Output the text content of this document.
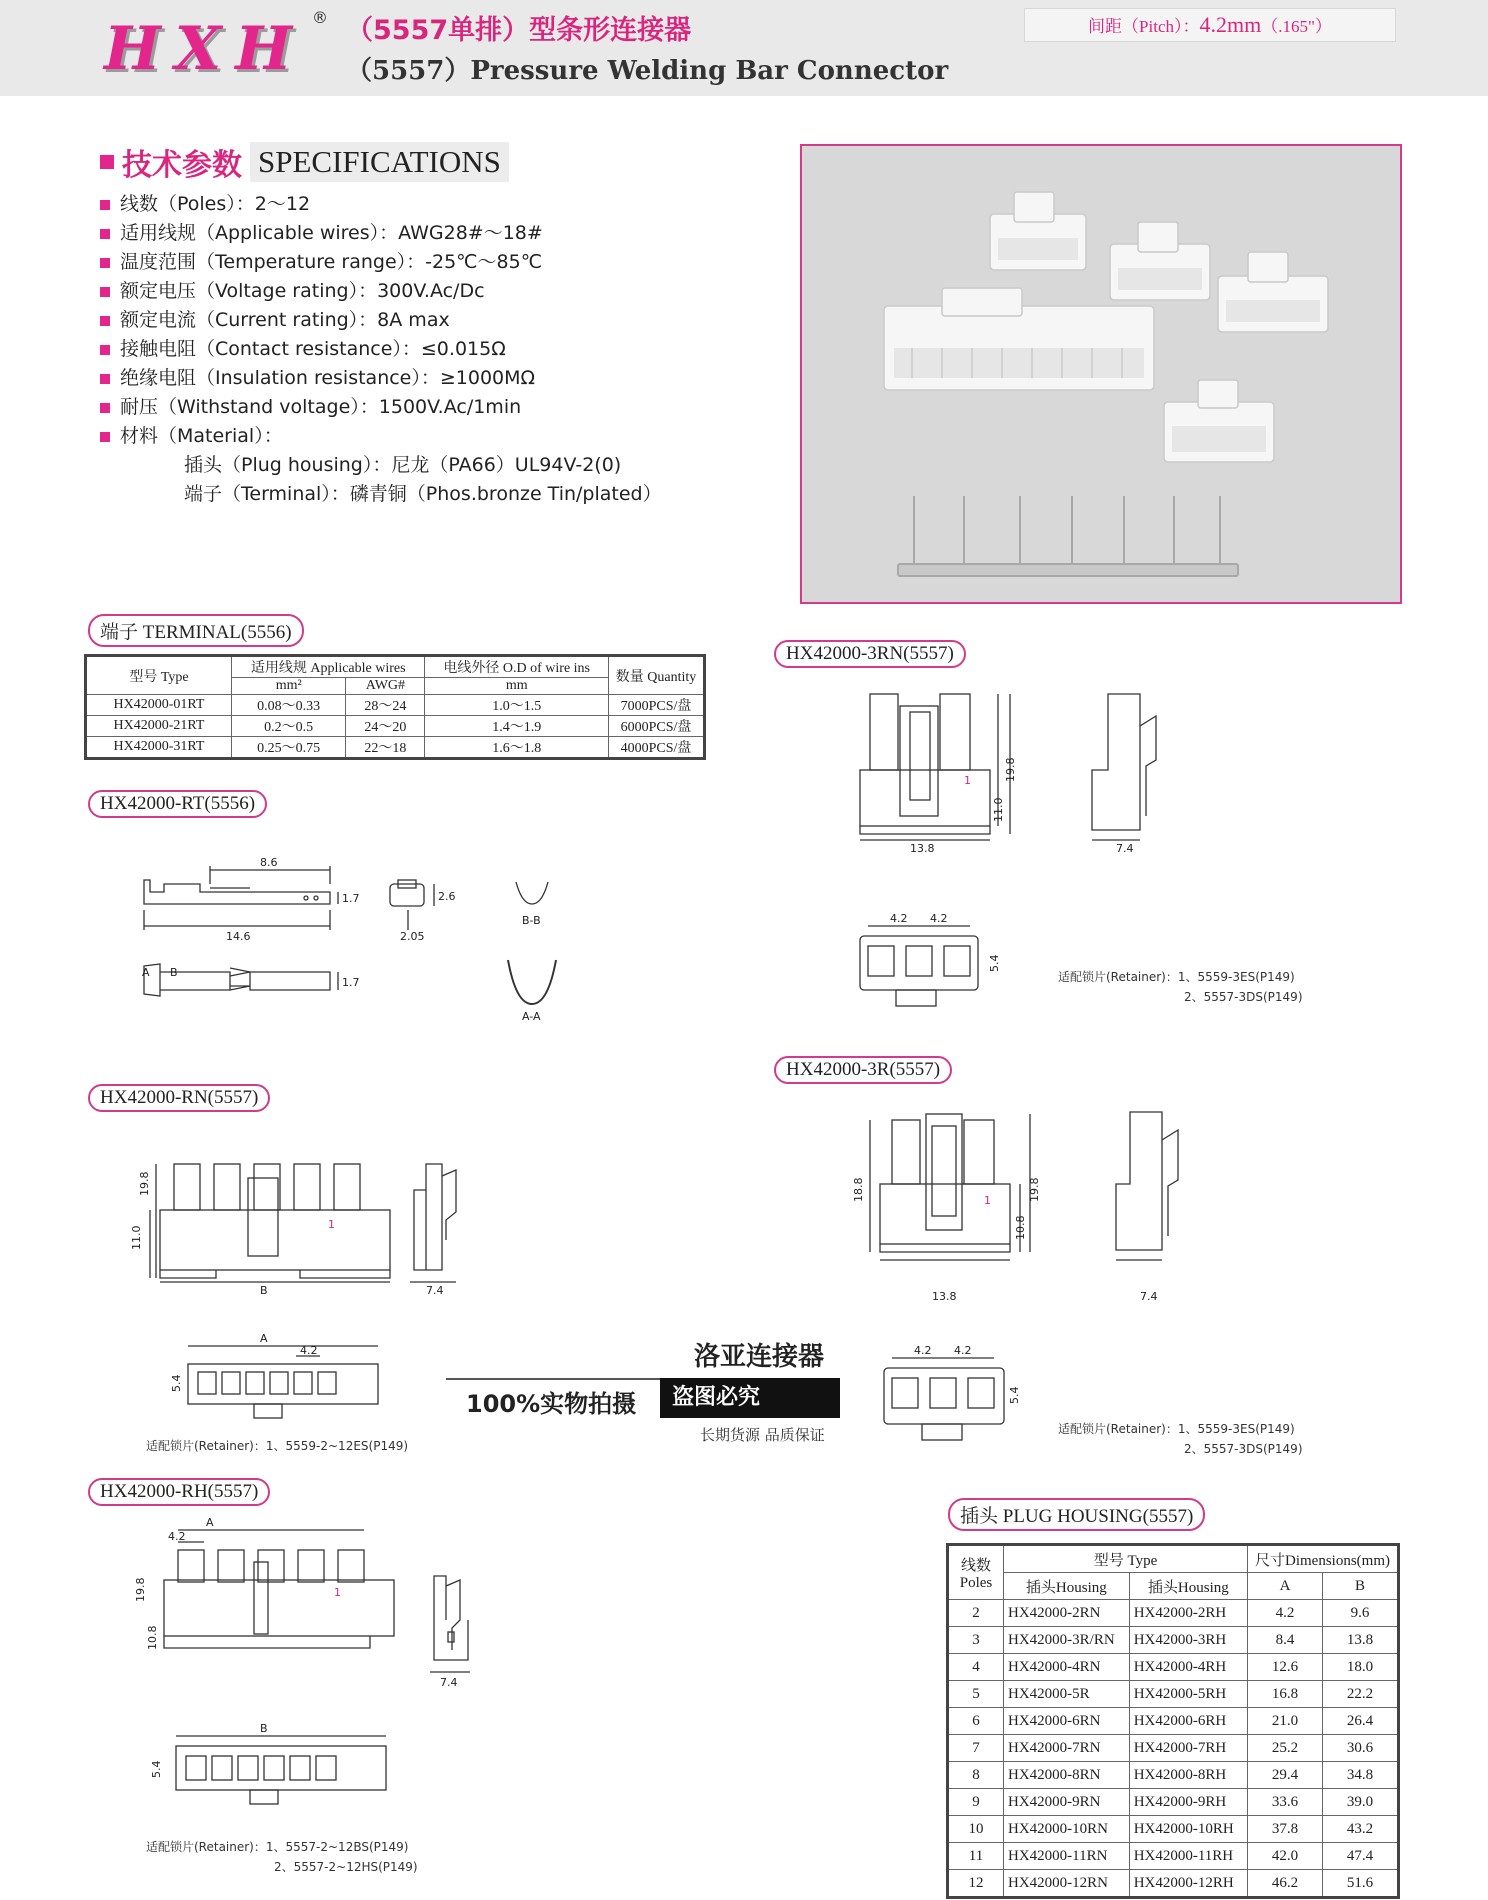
HXH ® （5557单排）型条形连接器
（5557）Pressure Welding Bar Connector
间距（Pitch）：4.2mm（.165"）
技术参数 SPECIFICATIONS
线数（Poles）：2～12
适用线规（Applicable wires）：AWG28#～18#
温度范围（Temperature range）：-25℃～85℃
额定电压（Voltage rating）：300V.Ac/Dc
额定电流（Current rating）：8A max
接触电阻（Contact resistance）：≤0.015Ω
绝缘电阻（Insulation resistance）：≥1000MΩ
耐压（Withstand voltage）：1500V.Ac/1min
材料（Material）：
插头（Plug housing）：尼龙（PA66）UL94V-2(0)
端子（Terminal）：磷青铜（Phos.bronze Tin/plated）
端子 TERMINAL(5556)
型号 Type	适用线规 Applicable wires		电线外径 O.D of wire ins	数量 Quantity
	mm²	AWG#	mm	
HX42000-01RT	0.08～0.33	28～24	1.0～1.5	7000PCS/盘
HX42000-21RT	0.2～0.5	24～20	1.4～1.9	6000PCS/盘
HX42000-31RT	0.25～0.75	22～18	1.6～1.8	4000PCS/盘
HX42000-RT(5556)
8.6
14.6
1.7	2.6
2.05
1.7
B-B
A-A
A B
HX42000-RN(5557)
19.8
11.0
B	7.4
A
4.2
5.4
1
适配锁片(Retainer)：1、5559-2~12ES(P149)
HX42000-RH(5557)
A
4.2
19.8
10.8
7.4
B
5.4
1
适配锁片(Retainer)：1、5557-2~12BS(P149)
2、5557-2~12HS(P149)
HX42000-3RN(5557)
19.8
11.0
13.8	7.4
4.2 4.2
5.4
1
适配锁片(Retainer)：1、5559-3ES(P149)
2、5557-3DS(P149)
HX42000-3R(5557)
18.8	19.8
10.8
13.8	7.4
4.2 4.2
5.4
1
适配锁片(Retainer)：1、5559-3ES(P149)
2、5557-3DS(P149)
洛亚连接器
100%实物拍摄	盗图必究
长期货源 品质保证
插头 PLUG HOUSING(5557)
线数 Poles	型号 Type		尺寸Dimensions(mm)	
	插头Housing	插头Housing	A	B
2	HX42000-2RN	HX42000-2RH	4.2	9.6
3	HX42000-3R/RN	HX42000-3RH	8.4	13.8
4	HX42000-4RN	HX42000-4RH	12.6	18.0
5	HX42000-5R	HX42000-5RH	16.8	22.2
6	HX42000-6RN	HX42000-6RH	21.0	26.4
7	HX42000-7RN	HX42000-7RH	25.2	30.6
8	HX42000-8RN	HX42000-8RH	29.4	34.8
9	HX42000-9RN	HX42000-9RH	33.6	39.0
10	HX42000-10RN	HX42000-10RH	37.8	43.2
11	HX42000-11RN	HX42000-11RH	42.0	47.4
12	HX42000-12RN	HX42000-12RH	46.2	51.6
